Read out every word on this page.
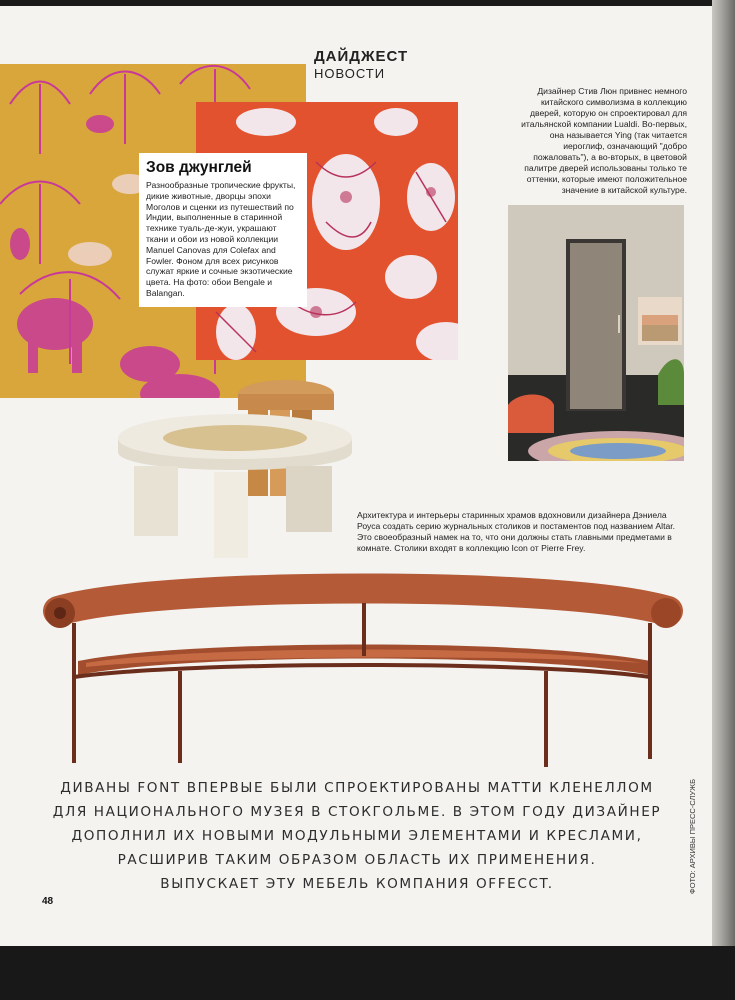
ДАЙДЖЕСТ
НОВОСТИ
Зов джунглей

Разнообразные тропические фрукты, дикие животные, дворцы эпохи Моголов и сценки из путешествий по Индии, выполненные в старинной технике туаль-де-жуи, украшают ткани и обои из новой коллекции Manuel Canovas для Colefax and Fowler. Фоном для всех рисунков служат яркие и сочные экзотические цвета. На фото: обои Bengale и Balangan.

Дизайнер Стив Люн привнес немного китайского символизма в коллекцию дверей, которую он спроектировал для итальянской компании Lualdi. Во-первых, она называется Ying (так читается иероглиф, означающий "добро пожаловать"), а во-вторых, в цветовой палитре дверей использованы только те оттенки, которые имеют положительное значение в китайской культуре.
Архитектура и интерьеры старинных храмов вдохновили дизайнера Дэниела Роуса создать серию журнальных столиков и постаментов под названием Altar. Это своеобразный намек на то, что они должны стать главными предметами в комнате. Столики входят в коллекцию Icon от Pierre Frey.
ДИВАНЫ FONT ВПЕРВЫЕ БЫЛИ СПРОЕКТИРОВАНЫ МАТТИ КЛЕНЕЛЛОМ
ДЛЯ НАЦИОНАЛЬНОГО МУЗЕЯ В СТОКГОЛЬМЕ. В ЭТОМ ГОДУ ДИЗАЙНЕР
ДОПОЛНИЛ ИХ НОВЫМИ МОДУЛЬНЫМИ ЭЛЕМЕНТАМИ И КРЕСЛАМИ,
РАСШИРИВ ТАКИМ ОБРАЗОМ ОБЛАСТЬ ИХ ПРИМЕНЕНИЯ.
ВЫПУСКАЕТ ЭТУ МЕБЕЛЬ КОМПАНИЯ OFFECCT.
48
ФОТО: АРХИВЫ ПРЕСС-СЛУЖБ
